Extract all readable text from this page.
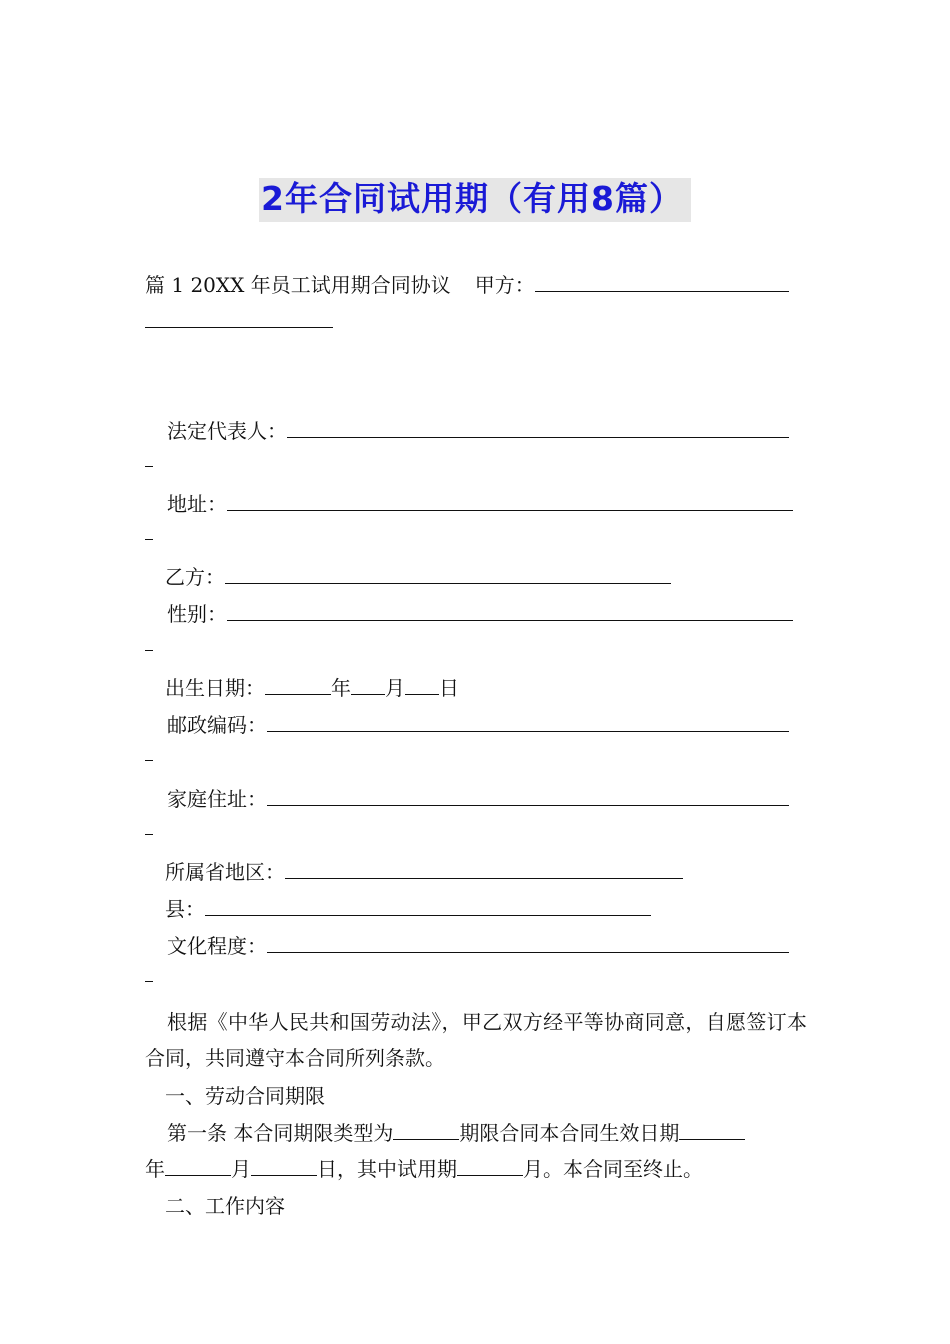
2年合同试用期（有用8篇）
篇 1 20XX 年员工试用期合同协议 甲方：
法定代表人：
地址：
乙方：
性别：
出生日期：	年 月 日
邮政编码：
家庭住址：
所属省地区：
县：
文化程度：
根据《中华人民共和国劳动法》，甲乙双方经平等协商同意，自愿签订本合同，共同遵守本合同所列条款。
一、劳动合同期限
第一条 本合同期限类型为	期限合同本合同生效日期
年	月	日，其中试用期	月。本合同至终止。
二、工作内容
